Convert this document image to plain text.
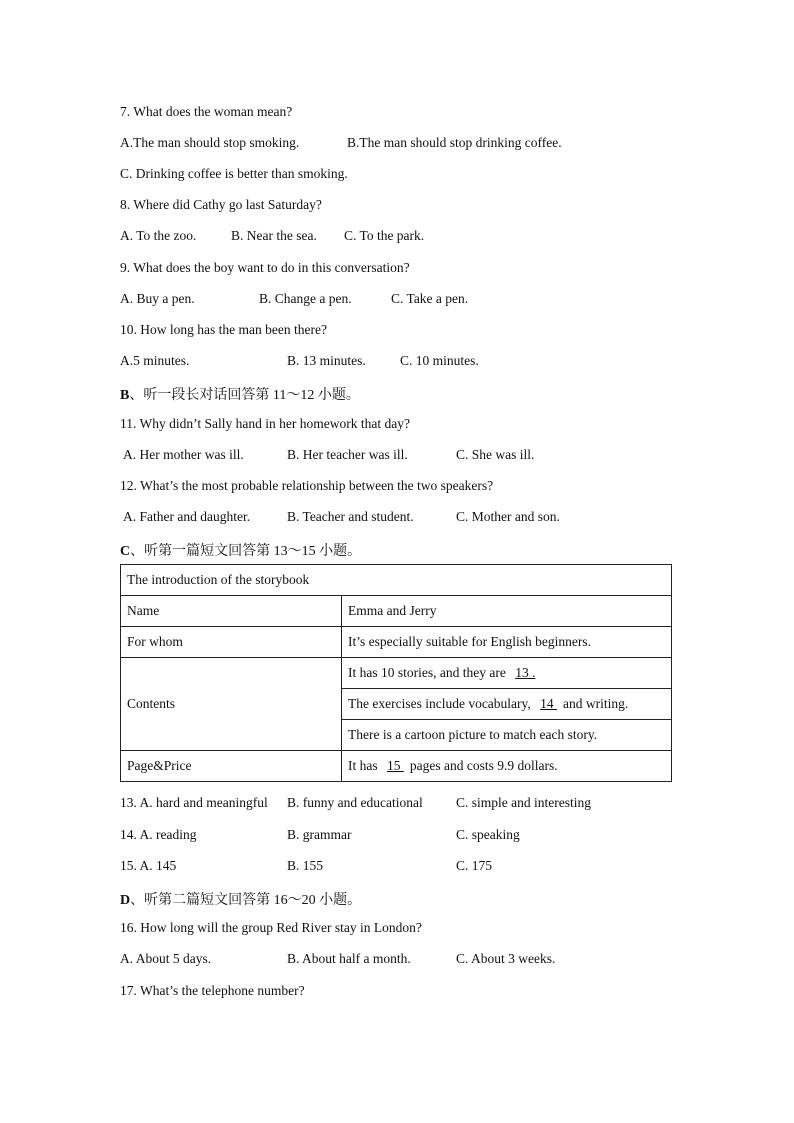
7. What does the woman mean?
A.The man should stop smoking.	B.The man should stop drinking coffee.
C. Drinking coffee is better than smoking.
8. Where did Cathy go last Saturday?
A. To the zoo.	B. Near the sea. C. To the park.
9. What does the boy want to do in this conversation?
A. Buy a pen.	B. Change a pen.	C. Take a pen.
10. How long has the man been there?
A.5 minutes.	B. 13 minutes.	C. 10 minutes.
B、听一段长对话回答第 11～12 小题。
11. Why didn’t Sally hand in her homework that day?
A. Her mother was ill.	B. Her teacher was ill.	C. She was ill.
12. What’s the most probable relationship between the two speakers?
A. Father and daughter.	B. Teacher and student.	C. Mother and son.
C、听第一篇短文回答第 13～15 小题。
The introduction of the storybook	
Name	Emma and Jerry
For whom	It’s especially suitable for English beginners.
Contents	It has 10 stories, and they are 13 .
	The exercises include vocabulary, 14 and writing.
	There is a cartoon picture to match each story.
Page&Price	It has 15 pages and costs 9.9 dollars.
13. A. hard and meaningful B. funny and educational C. simple and interesting
14. A. reading	B. grammar	C. speaking
15. A. 145	B. 155	C. 175
D、听第二篇短文回答第 16～20 小题。
16. How long will the group Red River stay in London?
A. About 5 days.	B. About half a month.	C. About 3 weeks.
17. What’s the telephone number?
